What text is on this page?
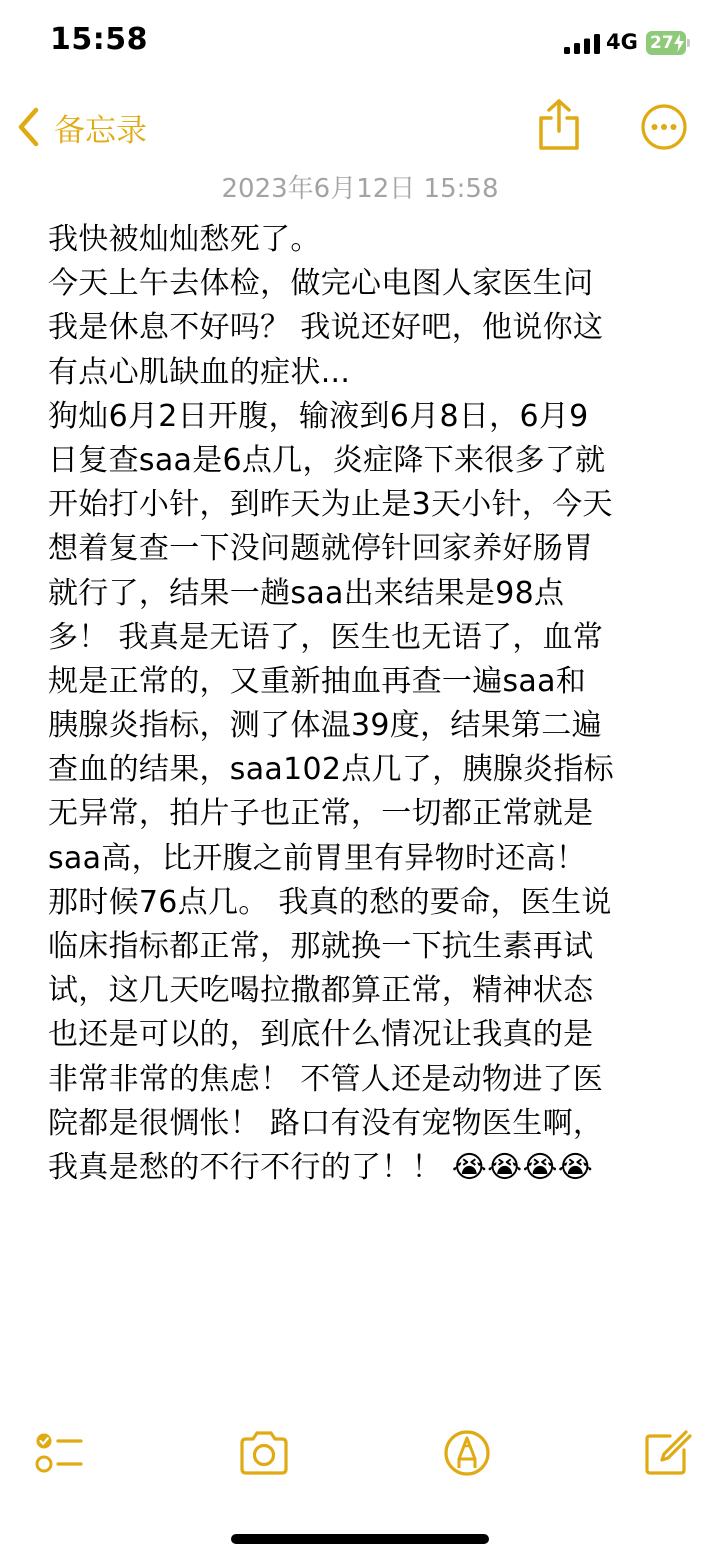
15:58	4G 27
备忘录
2023年6月12日 15:58
我快被灿灿愁死了。
今天上午去体检，做完心电图人家医生问
我是休息不好吗？ 我说还好吧，他说你这
有点心肌缺血的症状...
狗灿6月2日开腹，输液到6月8日，6月9
日复查saa是6点几，炎症降下来很多了就
开始打小针，到昨天为止是3天小针，今天
想着复查一下没问题就停针回家养好肠胃
就行了，结果一趟saa出来结果是98点
多！ 我真是无语了，医生也无语了，血常
规是正常的，又重新抽血再查一遍saa和
胰腺炎指标，测了体温39度，结果第二遍
查血的结果，saa102点几了，胰腺炎指标
无异常，拍片子也正常，一切都正常就是
saa高，比开腹之前胃里有异物时还高！
那时候76点几。 我真的愁的要命，医生说
临床指标都正常，那就换一下抗生素再试
试，这几天吃喝拉撒都算正常，精神状态
也还是可以的，到底什么情况让我真的是
非常非常的焦虑！ 不管人还是动物进了医
院都是很惆怅！ 路口有没有宠物医生啊，
我真是愁的不行不行的了！！ 😭😭😭😭
